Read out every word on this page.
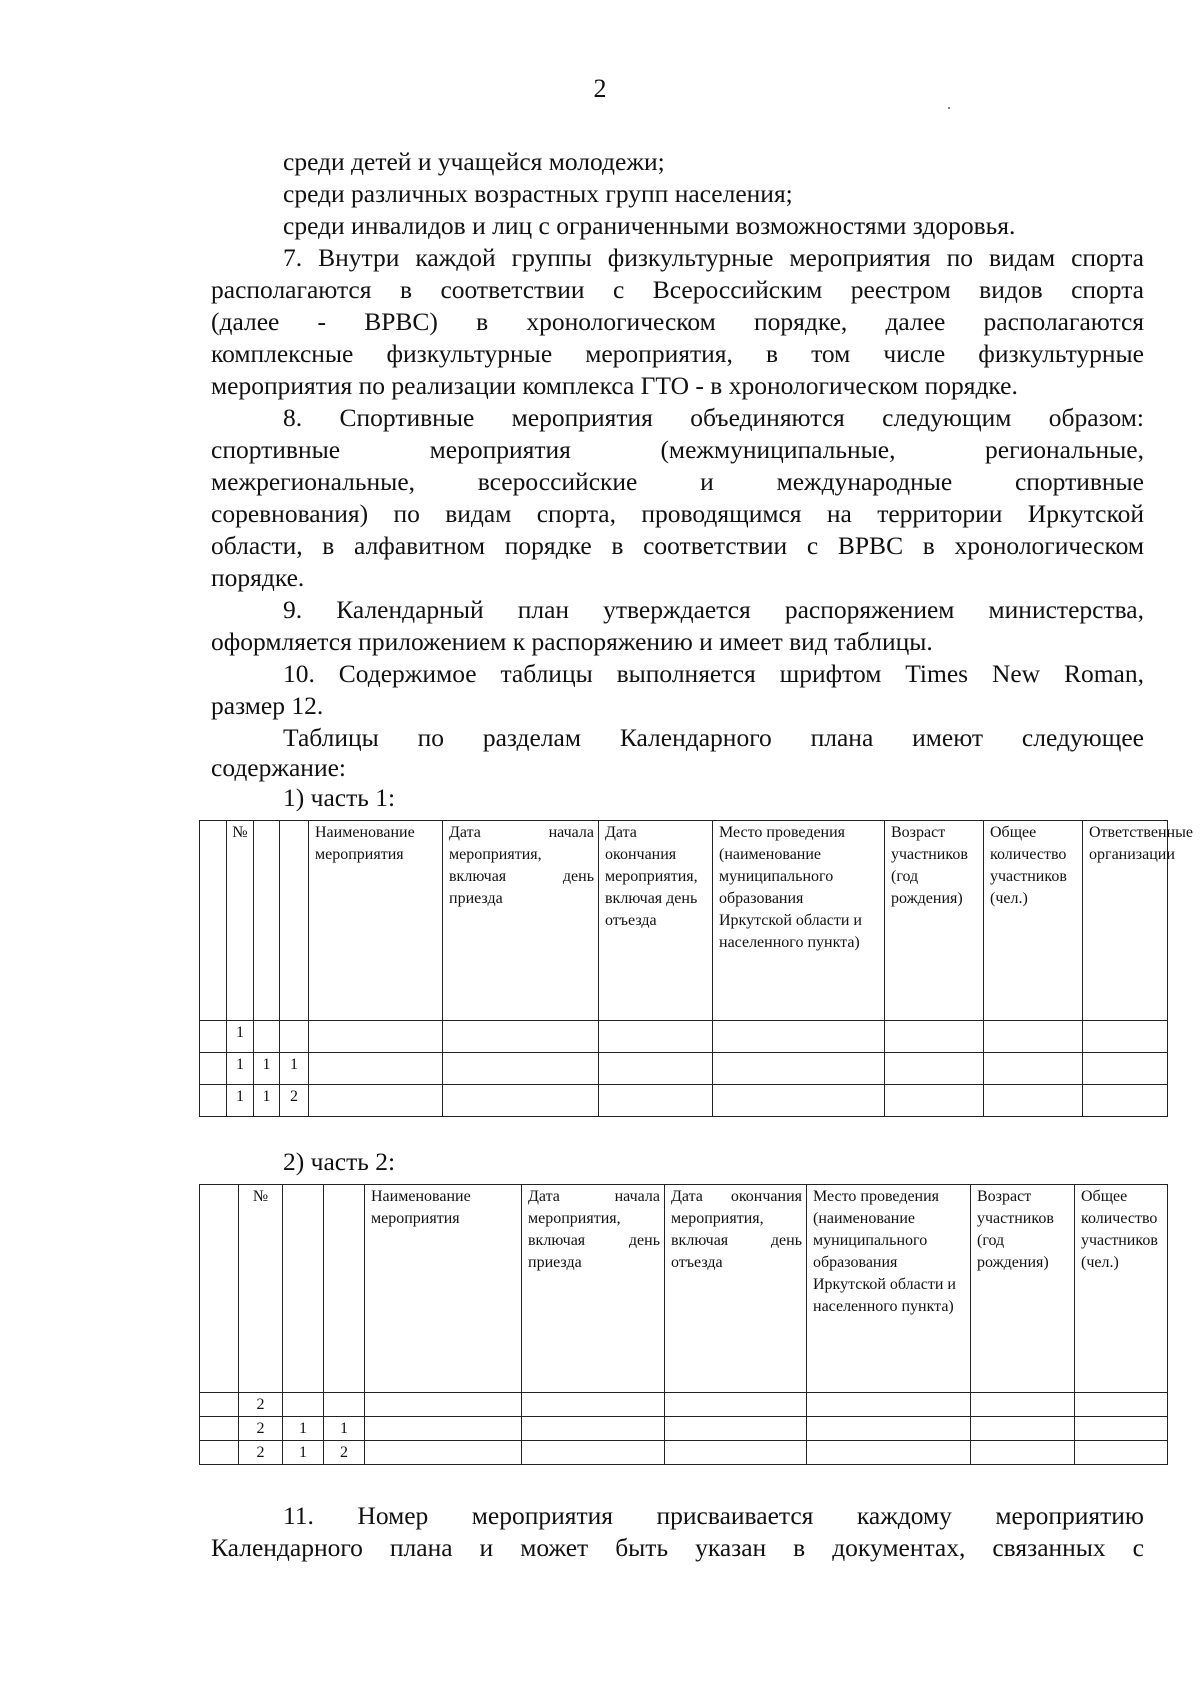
2
среди детей и учащейся молодежи;
среди различных возрастных групп населения;
среди инвалидов и лиц с ограниченными возможностями здоровья.
7. Внутри каждой группы физкультурные мероприятия по видам спорта
располагаются в соответствии с Всероссийским реестром видов спорта
(далее - ВРВС) в хронологическом порядке, далее располагаются
комплексные физкультурные мероприятия, в том числе физкультурные
мероприятия по реализации комплекса ГТО - в хронологическом порядке.
8. Спортивные мероприятия объединяются следующим образом:
спортивные мероприятия (межмуниципальные, региональные,
межрегиональные, всероссийские и международные спортивные
соревнования) по видам спорта, проводящимся на территории Иркутской
области, в алфавитном порядке в соответствии с ВРВС в хронологическом
порядке.
9. Календарный план утверждается распоряжением министерства,
оформляется приложением к распоряжению и имеет вид таблицы.
10. Содержимое таблицы выполняется шрифтом Times New Roman,
размер 12.
Таблицы по разделам Календарного плана имеют следующее
содержание:
1) часть 1:
	№			Наименование мероприятия	Дата начала мероприятия, включая день приезда	Дата окончания мероприятия, включая день отъезда	Место проведения (наименование муниципального образования Иркутской области и населенного пункта)	Возраст участников (год рождения)	Общее количество участников (чел.)	Ответственные организации
	1									
	1	1	1							
	1	1	2							
2) часть 2:
	№			Наименование мероприятия	Дата начала мероприятия, включая день приезда	Дата окончания мероприятия, включая день отъезда	Место проведения (наименование муниципального образования Иркутской области и населенного пункта)	Возраст участников (год рождения)	Общее количество участников (чел.)
	2								
	2	1	1						
	2	1	2						
11. Номер мероприятия присваивается каждому мероприятию
Календарного плана и может быть указан в документах, связанных с
